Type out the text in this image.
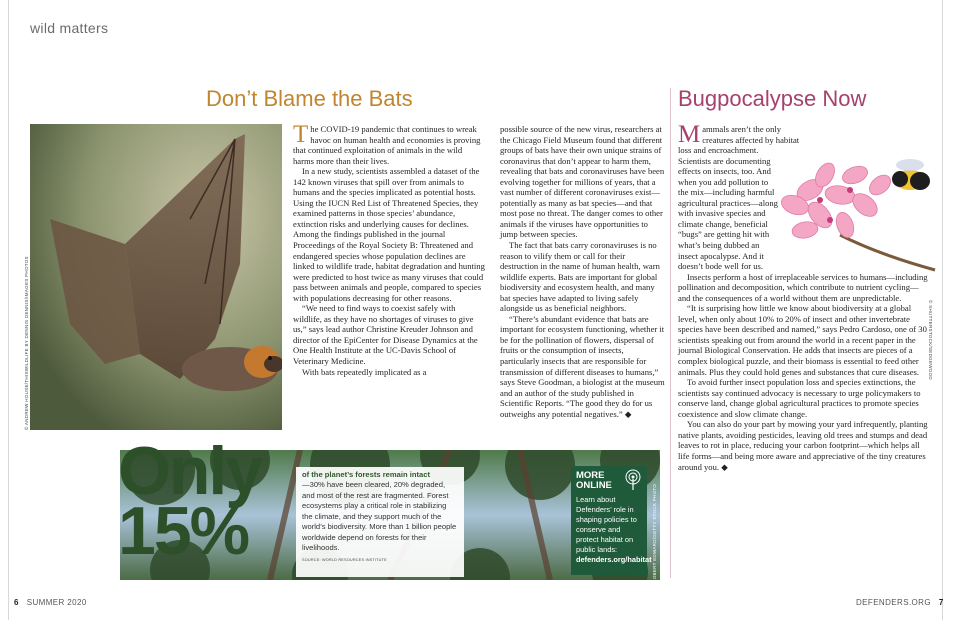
wild matters
Don’t Blame the Bats
© ANDREW HOUSE/THISWILDLIFE BY DENNIS DENNIS/IMAGES PHOTOS

The COVID-19 pandemic that continues to wreak havoc on human health and economies is proving that continued exploitation of animals in the wild harms more than their lives.

In a new study, scientists assembled a dataset of the 142 known viruses that spill over from animals to humans and the species implicated as potential hosts. Using the IUCN Red List of Threatened Species, they examined patterns in those species’ abundance, extinction risks and underlying causes for declines. Among the findings published in the journal Proceedings of the Royal Society B: Threatened and endangered species whose population declines are linked to wildlife trade, habitat degradation and hunting were predicted to host twice as many viruses that could pass between animals and people, compared to species with populations decreasing for other reasons.

“We need to find ways to coexist safely with wildlife, as they have no shortages of viruses to give us,” says lead author Christine Kreuder Johnson and director of the EpiCenter for Disease Dynamics at the One Health Institute at the UC-Davis School of Veterinary Medicine.

With bats repeatedly implicated as a

possible source of the new virus, researchers at the Chicago Field Museum found that different groups of bats have their own unique strains of coronavirus that don’t appear to harm them, revealing that bats and coronaviruses have been evolving together for millions of years, that a vast number of different coronaviruses exist—potentially as many as bat species—and that most pose no threat. The danger comes to other animals if the viruses have opportunities to jump between species.

The fact that bats carry coronaviruses is no reason to vilify them or call for their destruction in the name of human health, warn wildlife experts. Bats are important for global biodiversity and ecosystem health, and many bat species have adapted to living safely alongside us as beneficial neighbors.

“There’s abundant evidence that bats are important for ecosystem functioning, whether it be for the pollination of flowers, dispersal of fruits or the consumption of insects, particularly insects that are responsible for transmission of different diseases to humans,” says Steve Goodman, a biologist at the museum and an author of the study published in Scientific Reports. “The good they do for us outweighs any potential negatives.” ◆

Bugpocalypse Now
© SHUTTERSTOCK/SEDGEWOOD

Mammals aren’t the only creatures affected by habitat loss and encroachment. Scientists are documenting effects on insects, too. And when you add pollution to the mix—including harmful agricultural practices—along with invasive species and climate change, beneficial “bugs” are getting hit with what’s being dubbed an insect apocalypse. And it doesn’t bode well for us.

Insects perform a host of irreplaceable services to humans—including pollination and decomposition, which contribute to nutrient cycling—and the consequences of a world without them are unpredictable.

“It is surprising how little we know about biodiversity at a global level, when only about 10% to 20% of insect and other invertebrate species have been described and named,” says Pedro Cardoso, one of 30 scientists speaking out from around the world in a recent paper in the journal Biological Conservation. He adds that insects are pieces of a complex biological puzzle, and their biomass is essential to feed other animals. Plus they could hold genes and substances that cure diseases.

To avoid further insect population loss and species extinctions, the scientists say continued advocacy is necessary to urge policymakers to conserve land, change global agricultural practices to promote species coexistence and slow climate change.

You can also do your part by mowing your yard infrequently, planting native plants, avoiding pesticides, leaving old trees and stumps and dead leaves to rot in place, reducing your carbon footprint—which helps all life forms—and being more aware and appreciative of the tiny creatures around you. ◆

Only
15%
of the planet’s forests remain intact
—30% have been cleared, 20% degraded, and most of the rest are fragmented. Forest ecosystems play a critical role in stabilizing the climate, and they support much of the world’s biodiversity. More than 1 billion people worldwide depend on forests for their livelihoods.
SOURCE: WORLD RESOURCES INSTITUTE
MORE
ONLINE
Learn about Defenders’ role in shaping policies to conserve and protect habitat on public lands: defenders.org/habitat © ROBERT EDWARD/GETTY STOCK PHOTO
6 SUMMER 2020	DEFENDERS.ORG 7
